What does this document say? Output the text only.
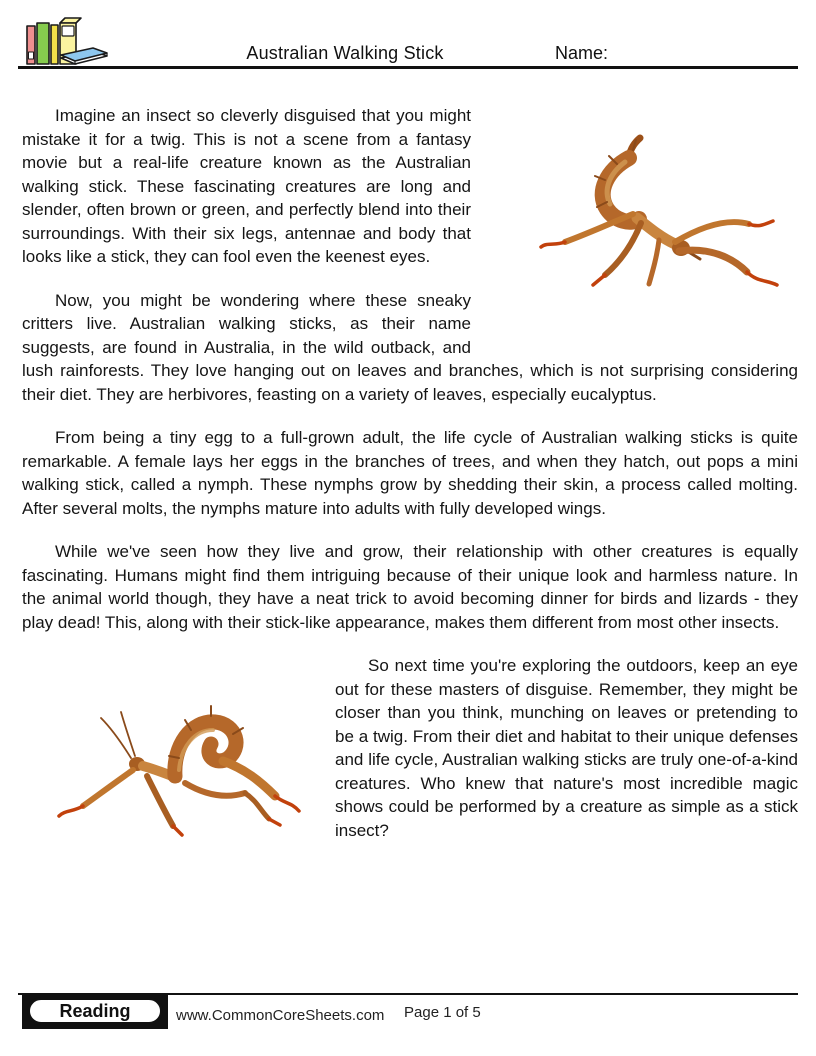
Australian Walking Stick	Name:

Imagine an insect so cleverly disguised that you might mistake it for a twig. This is not a scene from a fantasy movie but a real-life creature known as the Australian walking stick. These fascinating creatures are long and slender, often brown or green, and perfectly blend into their surroundings. With their six legs, antennae and body that looks like a stick, they can fool even the keenest eyes.

Now, you might be wondering where these sneaky critters live. Australian walking sticks, as their name suggests, are found in Australia, in the wild outback, and lush rainforests. They love hanging out on leaves and branches, which is not surprising considering their diet. They are herbivores, feasting on a variety of leaves, especially eucalyptus.

From being a tiny egg to a full-grown adult, the life cycle of Australian walking sticks is quite remarkable. A female lays her eggs in the branches of trees, and when they hatch, out pops a mini walking stick, called a nymph. These nymphs grow by shedding their skin, a process called molting. After several molts, the nymphs mature into adults with fully developed wings.

While we've seen how they live and grow, their relationship with other creatures is equally fascinating. Humans might find them intriguing because of their unique look and harmless nature. In the animal world though, they have a neat trick to avoid becoming dinner for birds and lizards - they play dead! This, along with their stick-like appearance, makes them different from most other insects.

So next time you're exploring the outdoors, keep an eye out for these masters of disguise. Remember, they might be closer than you think, munching on leaves or pretending to be a twig. From their diet and habitat to their unique defenses and life cycle, Australian walking sticks are truly one-of-a-kind creatures. Who knew that nature's most incredible magic shows could be performed by a creature as simple as a stick insect?

Reading	www.CommonCoreSheets.com Page 1 of 5
